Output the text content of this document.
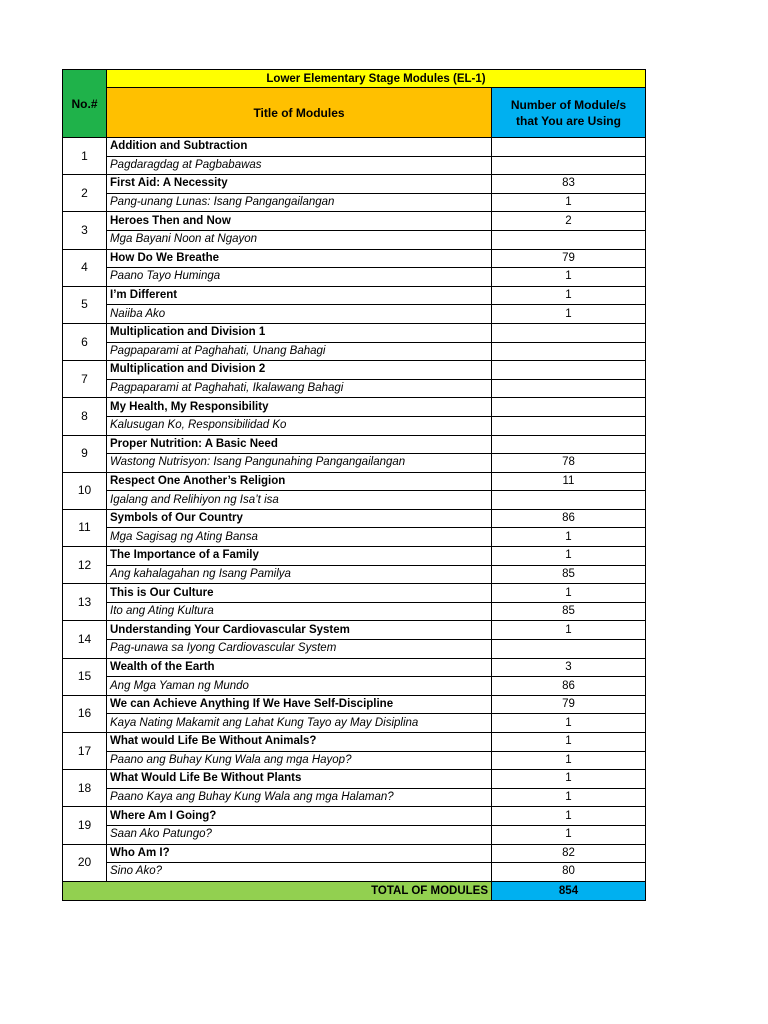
No.#	Lower Elementary Stage Modules (EL-1)	
	Title of Modules	Number of Module/s
that You are Using
1	Addition and Subtraction	
	Pagdaragdag at Pagbabawas	
2	First Aid: A Necessity	83
	Pang-unang Lunas: Isang Pangangailangan	1
3	Heroes Then and Now	2
	Mga Bayani Noon at Ngayon	
4	How Do We Breathe	79
	Paano Tayo Huminga	1
5	I’m Different	1
	Naiiba Ako	1
6	Multiplication and Division 1	
	Pagpaparami at Paghahati, Unang Bahagi	
7	Multiplication and Division 2	
	Pagpaparami at Paghahati, Ikalawang Bahagi	
8	My Health, My Responsibility	
	Kalusugan Ko, Responsibilidad Ko	
9	Proper Nutrition: A Basic Need	
	Wastong Nutrisyon: Isang Pangunahing Pangangailangan	78
10	Respect One Another’s Religion	11
	Igalang and Relihiyon ng Isa’t isa	
11	Symbols of Our Country	86
	Mga Sagisag ng Ating Bansa	1
12	The Importance of a Family	1
	Ang kahalagahan ng Isang Pamilya	85
13	This is Our Culture	1
	Ito ang Ating Kultura	85
14	Understanding Your Cardiovascular System	1
	Pag-unawa sa Iyong Cardiovascular System	
15	Wealth of the Earth	3
	Ang Mga Yaman ng Mundo	86
16	We can Achieve Anything If We Have Self-Discipline	79
	Kaya Nating Makamit ang Lahat Kung Tayo ay May Disiplina	1
17	What would Life Be Without Animals?	1
	Paano ang Buhay Kung Wala ang mga Hayop?	1
18	What Would Life Be Without Plants	1
	Paano Kaya ang Buhay Kung Wala ang mga Halaman?	1
19	Where Am I Going?	1
	Saan Ako Patungo?	1
20	Who Am I?	82
	Sino Ako?	80
TOTAL OF MODULES		854
